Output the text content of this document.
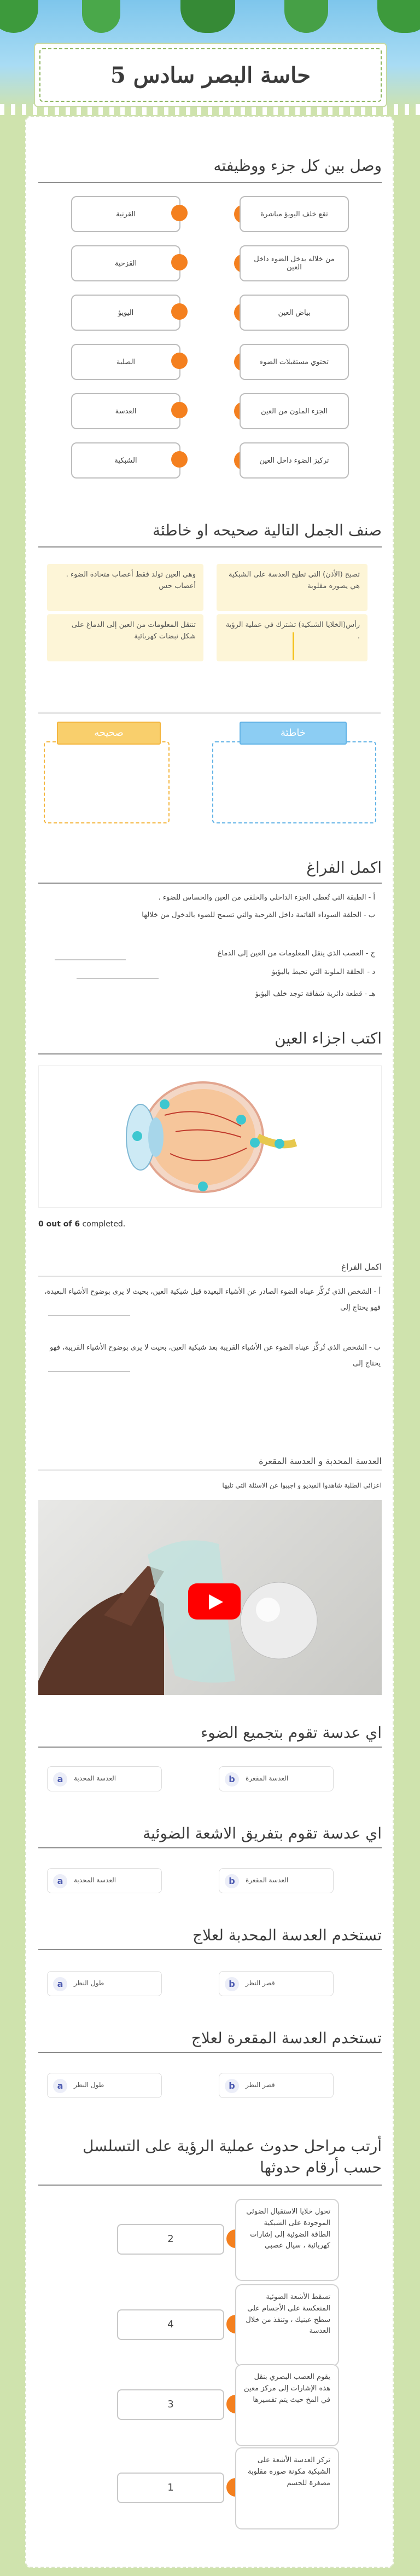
حاسة البصر سادس 5
وصل بين كل جزء ووظيفته
القرنية	تقع خلف اليويؤ مباشرة
القزحية	من خلاله يدخل الضوء داخل العين
اليويؤ	بياض العين
الصلبة	تحتوي مستقبلات الضوء
العدسة	الجزء الملون من العين
الشبكية	تركيز الضوء داخل العين
صنف الجمل التالية صحيحه او خاطئة
تصبح (الأذن) التي تطيح العدسة على الشبكية هي يصوره مقلوبة
وهي العين تولد فقط أعصاب متحادة الضوء . أعصاب حس
رأس(الخلايا الشبكية) تشترك في عملية الرؤية .
تنتقل المعلومات من العين إلى الدماغ على شكل نبضات كهربائية
صحيحه	خاطئة
اكمل الفراغ
أ - الطبقة التي تُغطي الجزء الداخلي والخلفي من العين والحساس للضوء .
ب - الحلقة السوداء القاتمة داخل القزحية والتي تسمح للضوء بالدخول من خلالها
ج - العصب الذي ينقل المعلومات من العين إلى الدماغ
د - الحلقة الملونة التي تحيط بالبؤبؤ
هـ - قطعة دائرية شفافة توجد خلف البؤبؤ
اكتب اجزاء العين
0 out of 6 completed.
اكمل الفراغ
أ - الشخص الذي تُركِّز عيناه الضوء الصادر عن الأشياء البعيدة قبل شبكية العين، بحيث لا يرى بوضوح الأشياء البعيدة، فهو يحتاج إلى
ب - الشخص الذي تُركِّز عيناه الضوء عن الأشياء القريبة بعد شبكية العين، بحيث لا يرى بوضوح الأشياء القريبة، فهو يحتاج إلى
العدسة المحدبة و العدسة المقعرة
اعزائي الطلبة شاهدوا الفيديو و اجيبوا عن الاسئلة التي تليها
اي عدسة تقوم بتجميع الضوء
b	العدسة المقعرة
a	العدسة المحدبة
اي عدسة تقوم بتفريق الاشعة الضوئية
b	العدسة المقعرة
a	العدسة المحدبة
تستخدم العدسة المحدبة لعلاج
b	قصر النظر
a	طول النظر
تستخدم العدسة المقعرة لعلاج
b	قصر النظر
a	طول النظر
أرتب مراحل حدوث عملية الرؤية على التسلسل حسب أرقام حدوثها
2
تحول خلايا الاستقبال الضوئي الموجودة على الشبكية الطاقة الضوئية إلى إشارات كهربائية ، سيال عصبي
4
تسقط الأشعة الضوئية المنعكسة على الأجسام على سطح عينيك ، وتنفذ من خلال العدسة
3
يقوم العصب البصري بنقل هذه الإشارات إلى مركز معين في المخ حيث يتم تفسيرها
1
تركز العدسة الأشعة على الشبكية مكونة صورة مقلوبة مصغرة للجسم
